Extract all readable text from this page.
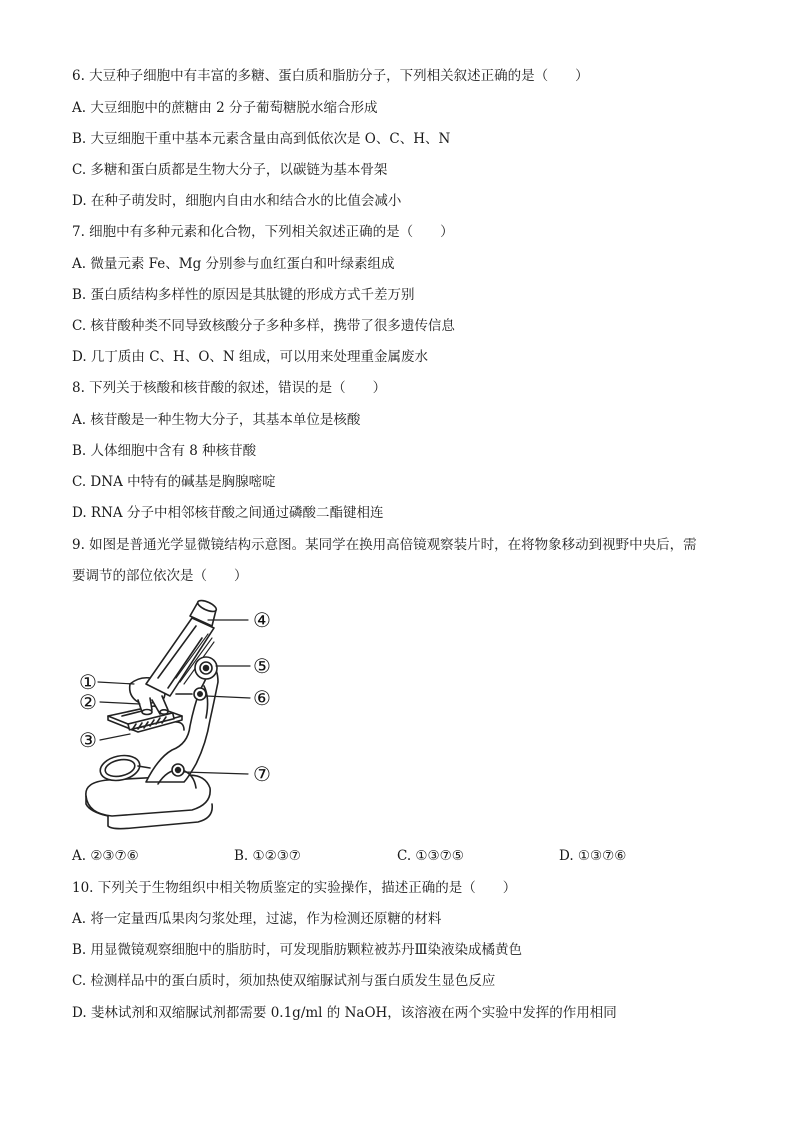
6. 大豆种子细胞中有丰富的多糖、蛋白质和脂肪分子，下列相关叙述正确的是（　　）
A. 大豆细胞中的蔗糖由 2 分子葡萄糖脱水缩合形成
B. 大豆细胞干重中基本元素含量由高到低依次是 O、C、H、N
C. 多糖和蛋白质都是生物大分子，以碳链为基本骨架
D. 在种子萌发时，细胞内自由水和结合水的比值会减小
7. 细胞中有多种元素和化合物，下列相关叙述正确的是（　　）
A. 微量元素 Fe、Mg 分别参与血红蛋白和叶绿素组成
B. 蛋白质结构多样性的原因是其肽键的形成方式千差万别
C. 核苷酸种类不同导致核酸分子多种多样，携带了很多遗传信息
D. 几丁质由 C、H、O、N 组成，可以用来处理重金属废水
8. 下列关于核酸和核苷酸的叙述，错误的是（　　）
A. 核苷酸是一种生物大分子，其基本单位是核酸
B. 人体细胞中含有 8 种核苷酸
C. DNA 中特有的碱基是胸腺嘧啶
D. RNA 分子中相邻核苷酸之间通过磷酸二酯键相连
9. 如图是普通光学显微镜结构示意图。某同学在换用高倍镜观察装片时，在将物象移动到视野中央后，需
要调节的部位依次是（　　）
①
②
③
④
⑤
⑥
⑦
A. ②③⑦⑥	B. ①②③⑦	C. ①③⑦⑤	D. ①③⑦⑥
10. 下列关于生物组织中相关物质鉴定的实验操作，描述正确的是（　　）
A. 将一定量西瓜果肉匀浆处理，过滤，作为检测还原糖的材料
B. 用显微镜观察细胞中的脂肪时，可发现脂肪颗粒被苏丹Ⅲ染液染成橘黄色
C. 检测样品中的蛋白质时，须加热使双缩脲试剂与蛋白质发生显色反应
D. 斐林试剂和双缩脲试剂都需要 0.1g/ml 的 NaOH，该溶液在两个实验中发挥的作用相同
